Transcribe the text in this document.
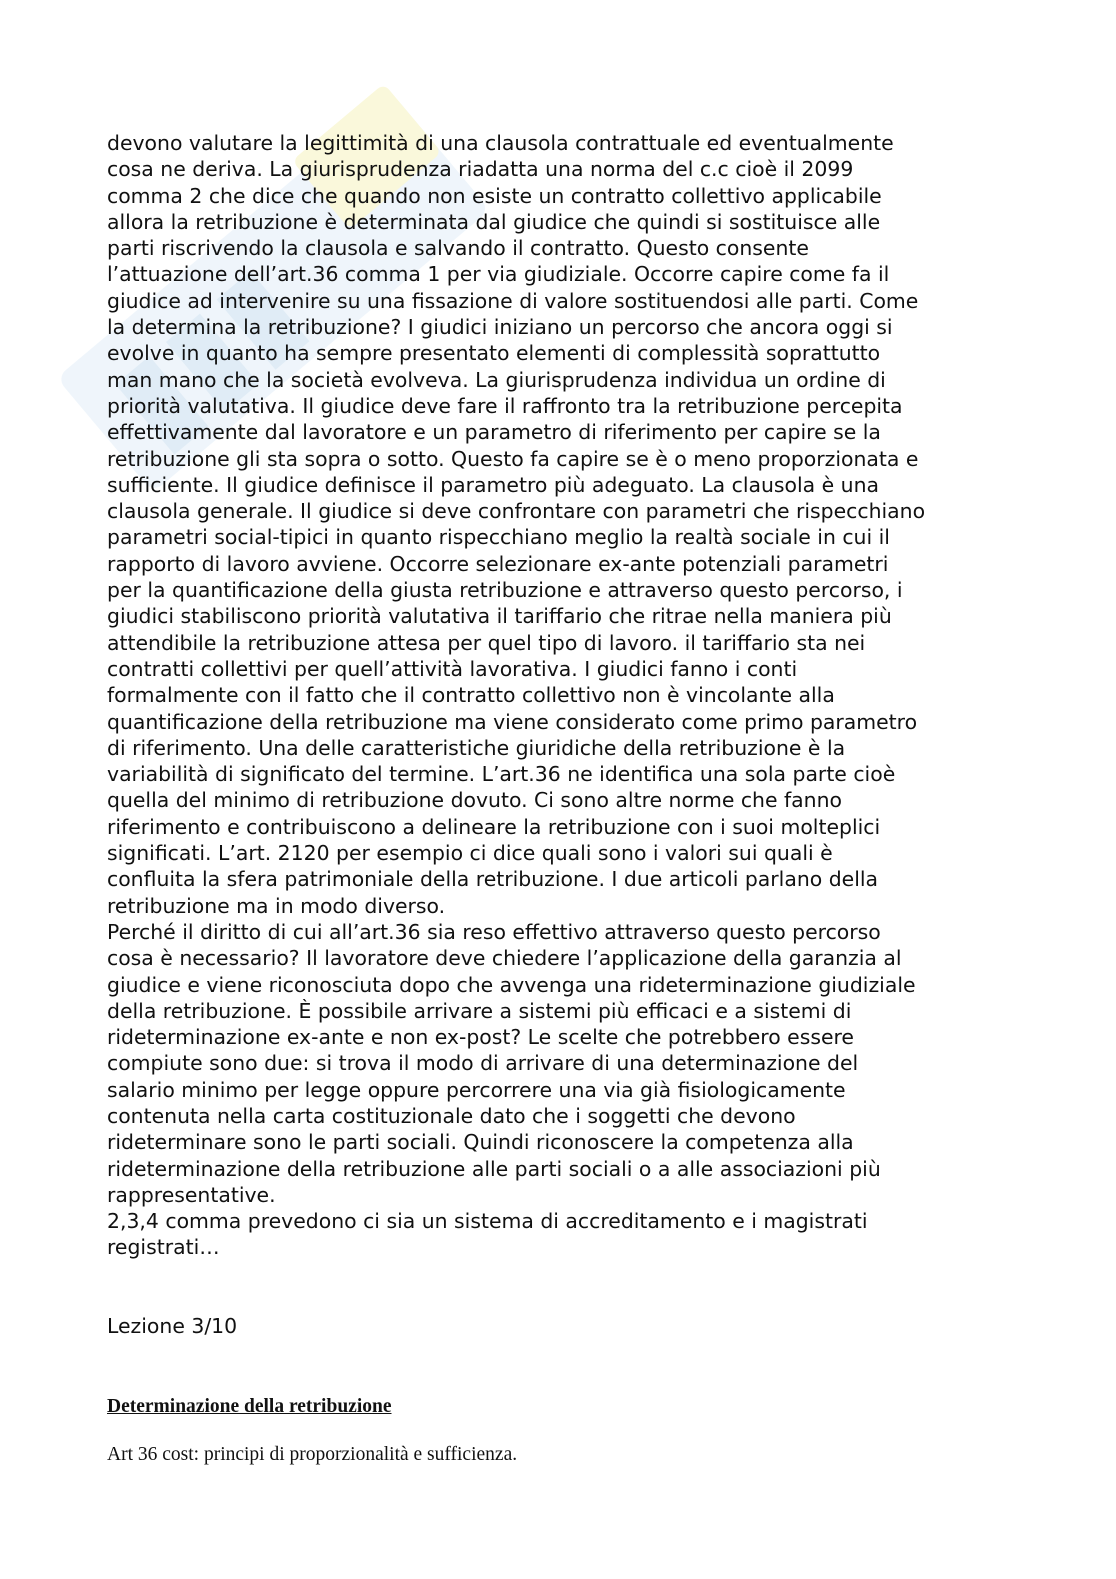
▮▮▮

devono valutare la legittimità di una clausola contrattuale ed eventualmente
cosa ne deriva. La giurisprudenza riadatta una norma del c.c cioè il 2099
comma 2 che dice che quando non esiste un contratto collettivo applicabile
allora la retribuzione è determinata dal giudice che quindi si sostituisce alle
parti riscrivendo la clausola e salvando il contratto. Questo consente
l’attuazione dell’art.36 comma 1 per via giudiziale. Occorre capire come fa il
giudice ad intervenire su una fissazione di valore sostituendosi alle parti. Come
la determina la retribuzione? I giudici iniziano un percorso che ancora oggi si
evolve in quanto ha sempre presentato elementi di complessità soprattutto
man mano che la società evolveva. La giurisprudenza individua un ordine di
priorità valutativa. Il giudice deve fare il raffronto tra la retribuzione percepita
effettivamente dal lavoratore e un parametro di riferimento per capire se la
retribuzione gli sta sopra o sotto. Questo fa capire se è o meno proporzionata e
sufficiente. Il giudice definisce il parametro più adeguato. La clausola è una
clausola generale. Il giudice si deve confrontare con parametri che rispecchiano
parametri social-tipici in quanto rispecchiano meglio la realtà sociale in cui il
rapporto di lavoro avviene. Occorre selezionare ex-ante potenziali parametri
per la quantificazione della giusta retribuzione e attraverso questo percorso, i
giudici stabiliscono priorità valutativa il tariffario che ritrae nella maniera più
attendibile la retribuzione attesa per quel tipo di lavoro. il tariffario sta nei
contratti collettivi per quell’attività lavorativa. I giudici fanno i conti
formalmente con il fatto che il contratto collettivo non è vincolante alla
quantificazione della retribuzione ma viene considerato come primo parametro
di riferimento. Una delle caratteristiche giuridiche della retribuzione è la
variabilità di significato del termine. L’art.36 ne identifica una sola parte cioè
quella del minimo di retribuzione dovuto. Ci sono altre norme che fanno
riferimento e contribuiscono a delineare la retribuzione con i suoi molteplici
significati. L’art. 2120 per esempio ci dice quali sono i valori sui quali è
confluita la sfera patrimoniale della retribuzione. I due articoli parlano della
retribuzione ma in modo diverso.

Perché il diritto di cui all’art.36 sia reso effettivo attraverso questo percorso
cosa è necessario? Il lavoratore deve chiedere l’applicazione della garanzia al
giudice e viene riconosciuta dopo che avvenga una rideterminazione giudiziale
della retribuzione. È possibile arrivare a sistemi più efficaci e a sistemi di
rideterminazione ex-ante e non ex-post? Le scelte che potrebbero essere
compiute sono due: si trova il modo di arrivare di una determinazione del
salario minimo per legge oppure percorrere una via già fisiologicamente
contenuta nella carta costituzionale dato che i soggetti che devono
rideterminare sono le parti sociali. Quindi riconoscere la competenza alla
rideterminazione della retribuzione alle parti sociali o a alle associazioni più
rappresentative.

2,3,4 comma prevedono ci sia un sistema di accreditamento e i magistrati
registrati…

Lezione 3/10

Determinazione della retribuzione

Art 36 cost: principi di proporzionalità e sufficienza.
